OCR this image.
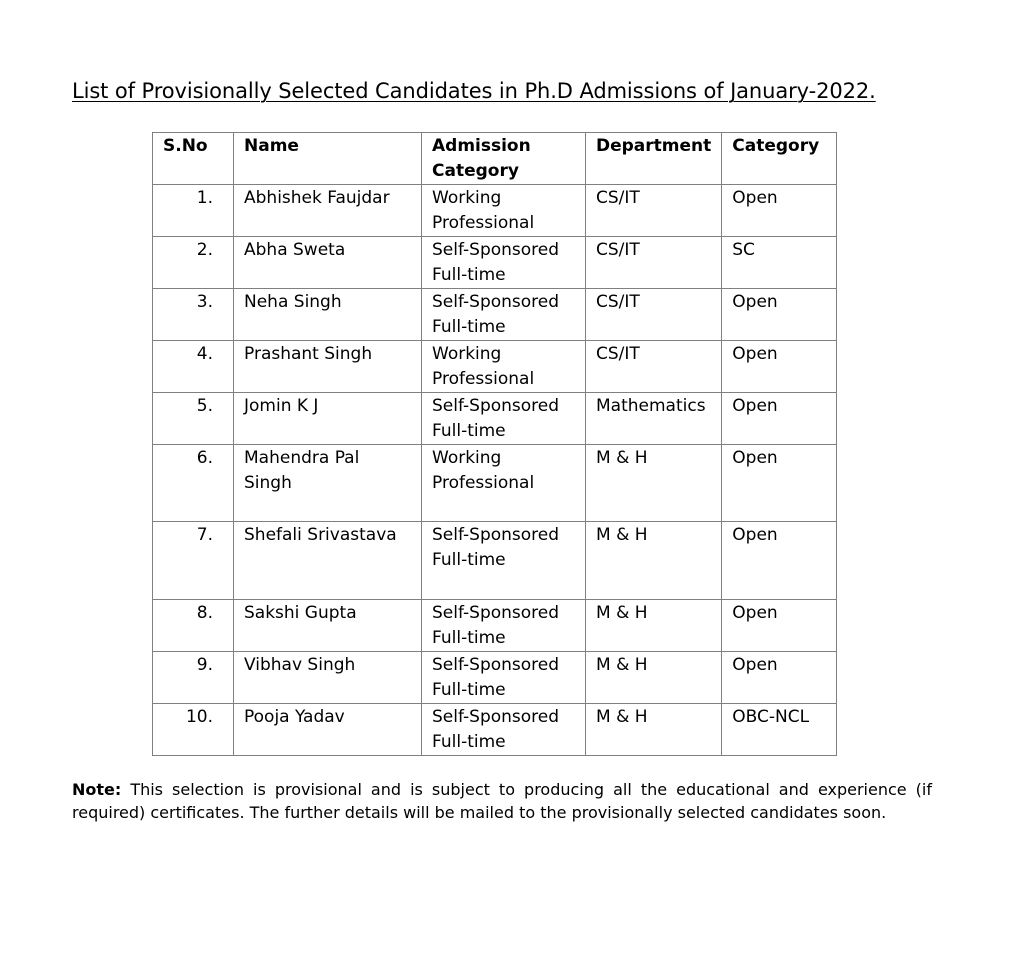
List of Provisionally Selected Candidates in Ph.D Admissions of January-2022.
S.No	Name	Admission Category	Department	Category
1.	Abhishek Faujdar	Working Professional	CS/IT	Open
2.	Abha Sweta	Self-Sponsored Full-time	CS/IT	SC
3.	Neha Singh	Self-Sponsored Full-time	CS/IT	Open
4.	Prashant Singh	Working Professional	CS/IT	Open
5.	Jomin K J	Self-Sponsored Full-time	Mathematics	Open
6.	Mahendra Pal Singh	Working Professional	M & H	Open
7.	Shefali Srivastava	Self-Sponsored Full-time	M & H	Open
8.	Sakshi Gupta	Self-Sponsored Full-time	M & H	Open
9.	Vibhav Singh	Self-Sponsored Full-time	M & H	Open
10.	Pooja Yadav	Self-Sponsored Full-time	M & H	OBC-NCL
Note: This selection is provisional and is subject to producing all the educational and experience (if required) certificates. The further details will be mailed to the provisionally selected candidates soon.
